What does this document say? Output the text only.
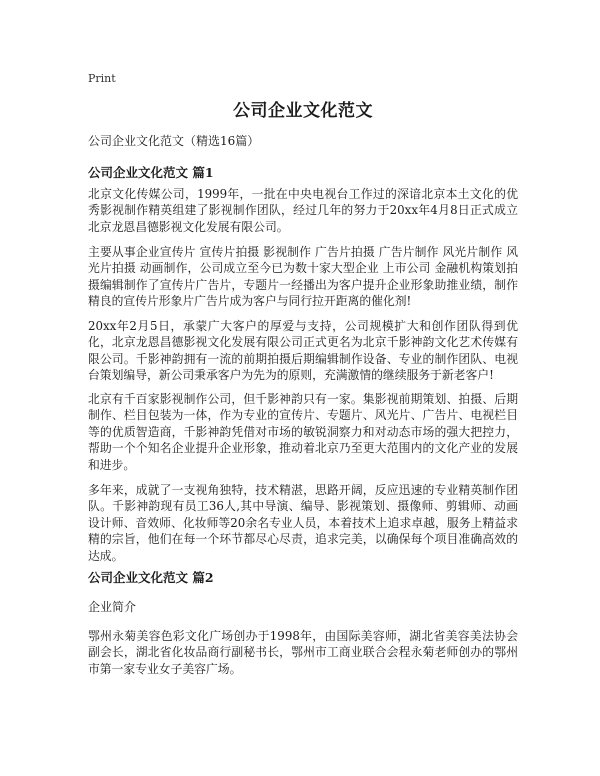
Print
公司企业文化范文
公司企业文化范文（精选16篇）
公司企业文化范文 篇1
北京文化传媒公司，1999年，一批在中央电视台工作过的深谙北京本土文化的优秀影视制作精英组建了影视制作团队，经过几年的努力于20xx年4月8日正式成立北京龙恩昌德影视文化发展有限公司。
主要从事企业宣传片 宣传片拍摄 影视制作 广告片拍摄 广告片制作 风光片制作 风光片拍摄 动画制作，公司成立至今已为数十家大型企业 上市公司 金融机构策划拍摄编辑制作了宣传片广告片，专题片一经播出为客户提升企业形象助推业绩，制作精良的宣传片形象片广告片成为客户与同行拉开距离的催化剂!
20xx年2月5日，承蒙广大客户的厚爱与支持，公司规模扩大和创作团队得到优化，北京龙恩昌德影视文化发展有限公司正式更名为北京千影神韵文化艺术传媒有限公司。千影神韵拥有一流的前期拍摄后期编辑制作设备、专业的制作团队、电视台策划编导，新公司秉承客户为先为的原则，充满激情的继续服务于新老客户!
北京有千百家影视制作公司，但千影神韵只有一家。集影视前期策划、拍摄、后期制作、栏目包装为一体，作为专业的宣传片、专题片、风光片、广告片、电视栏目等的优质智造商，千影神韵凭借对市场的敏锐洞察力和对动态市场的强大把控力，帮助一个个知名企业提升企业形象，推动着北京乃至更大范围内的文化产业的发展和进步。
多年来，成就了一支视角独特，技术精湛，思路开阔，反应迅速的专业精英制作团队。千影神韵现有员工36人,其中导演、编导、影视策划、摄像师、剪辑师、动画设计师、音效师、化妆师等20余名专业人员，本着技术上追求卓越，服务上精益求精的宗旨，他们在每一个环节都尽心尽责，追求完美，以确保每个项目准确高效的达成。
公司企业文化范文 篇2
企业简介
鄂州永菊美容色彩文化广场创办于1998年，由国际美容师，湖北省美容美法协会副会长，湖北省化妆品商行副秘书长，鄂州市工商业联合会程永菊老师创办的鄂州市第一家专业女子美容广场。
